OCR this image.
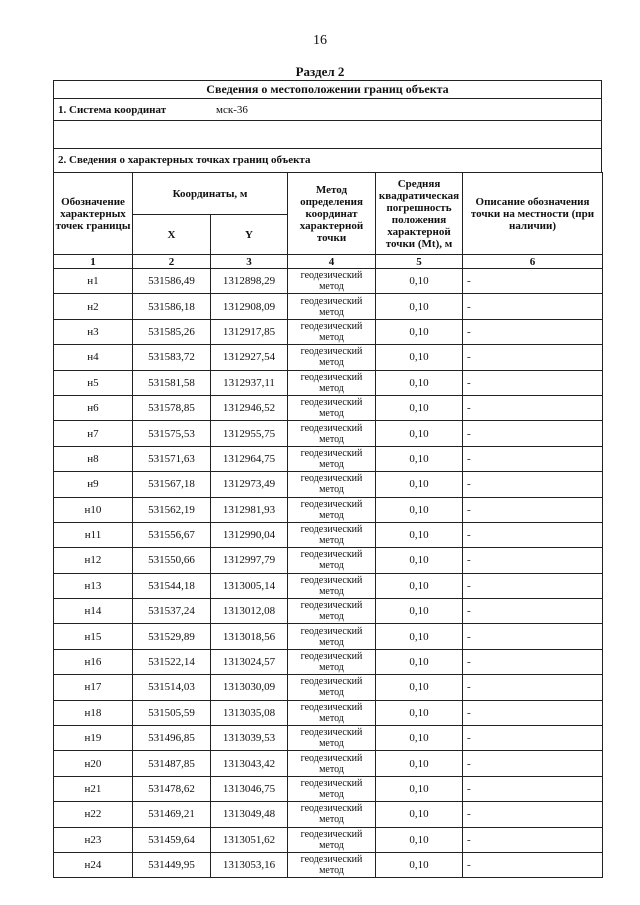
16
Раздел 2
Сведения о местоположении границ объекта
1. Система координат	мск-36
2. Сведения о характерных точках границ объекта
Обозначение характерных точек границы	Координаты, м		Метод определения координат характерной точки	Средняя квадратическая погрешность положения характерной точки (Mt), м	Описание обозначения точки на местности (при наличии)
	X	Y			
1	2	3	4	5	6
н1	531586,49	1312898,29	геодезический метод	0,10	-
н2	531586,18	1312908,09	геодезический метод	0,10	-
н3	531585,26	1312917,85	геодезический метод	0,10	-
н4	531583,72	1312927,54	геодезический метод	0,10	-
н5	531581,58	1312937,11	геодезический метод	0,10	-
н6	531578,85	1312946,52	геодезический метод	0,10	-
н7	531575,53	1312955,75	геодезический метод	0,10	-
н8	531571,63	1312964,75	геодезический метод	0,10	-
н9	531567,18	1312973,49	геодезический метод	0,10	-
н10	531562,19	1312981,93	геодезический метод	0,10	-
н11	531556,67	1312990,04	геодезический метод	0,10	-
н12	531550,66	1312997,79	геодезический метод	0,10	-
н13	531544,18	1313005,14	геодезический метод	0,10	-
н14	531537,24	1313012,08	геодезический метод	0,10	-
н15	531529,89	1313018,56	геодезический метод	0,10	-
н16	531522,14	1313024,57	геодезический метод	0,10	-
н17	531514,03	1313030,09	геодезический метод	0,10	-
н18	531505,59	1313035,08	геодезический метод	0,10	-
н19	531496,85	1313039,53	геодезический метод	0,10	-
н20	531487,85	1313043,42	геодезический метод	0,10	-
н21	531478,62	1313046,75	геодезический метод	0,10	-
н22	531469,21	1313049,48	геодезический метод	0,10	-
н23	531459,64	1313051,62	геодезический метод	0,10	-
н24	531449,95	1313053,16	геодезический метод	0,10	-
